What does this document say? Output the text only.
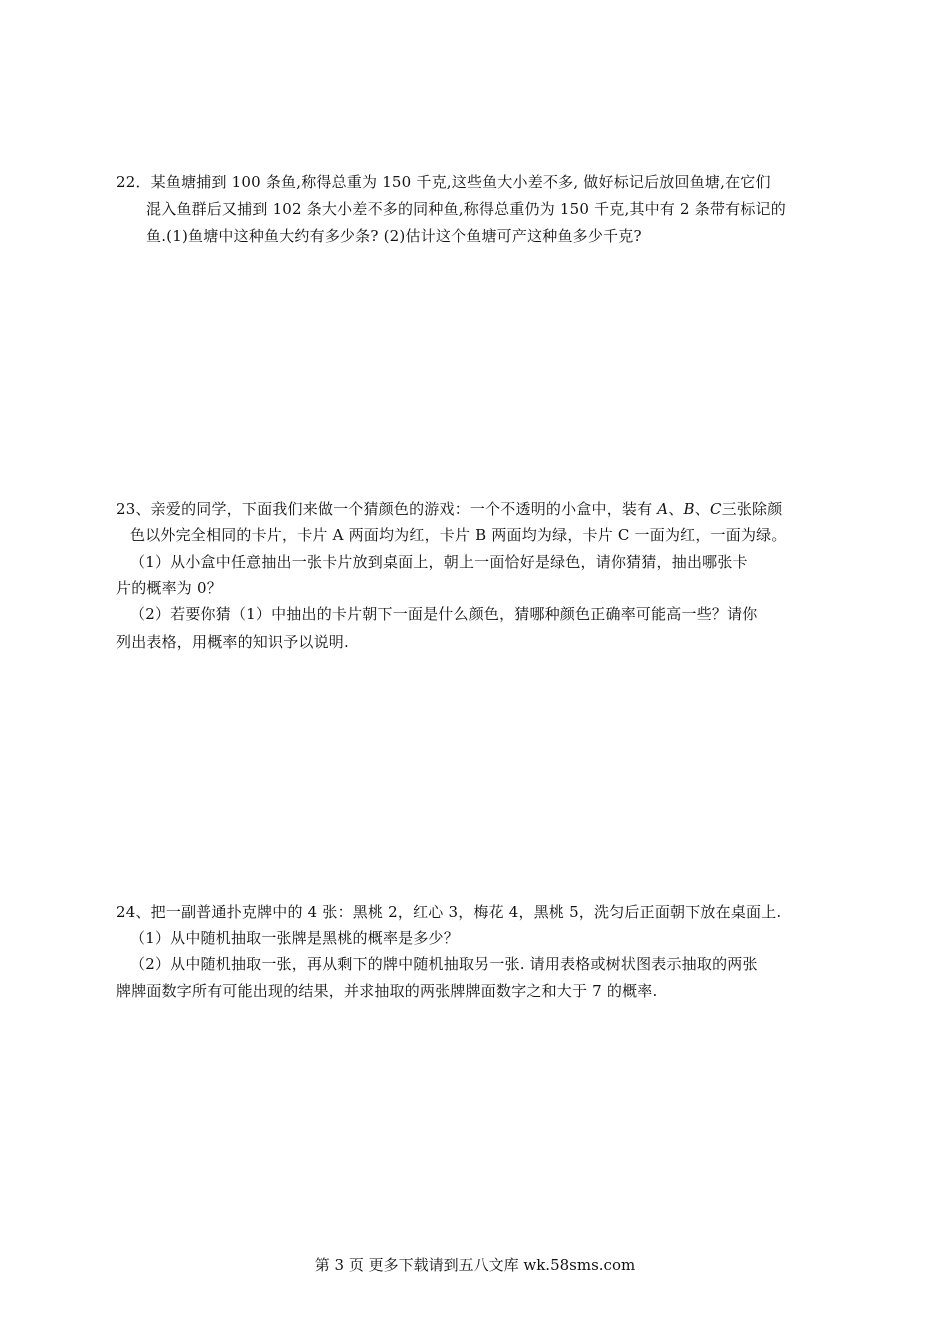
22．某鱼塘捕到 100 条鱼,称得总重为 150 千克,这些鱼大小差不多, 做好标记后放回鱼塘,在它们
混入鱼群后又捕到 102 条大小差不多的同种鱼,称得总重仍为 150 千克,其中有 2 条带有标记的
鱼.(1)鱼塘中这种鱼大约有多少条? (2)估计这个鱼塘可产这种鱼多少千克?
23、亲爱的同学，下面我们来做一个猜颜色的游戏：一个不透明的小盒中，装有 A、B、C三张除颜
色以外完全相同的卡片，卡片 A 两面均为红，卡片 B 两面均为绿，卡片 C 一面为红，一面为绿。
（1）从小盒中任意抽出一张卡片放到桌面上，朝上一面恰好是绿色，请你猜猜，抽出哪张卡
片的概率为 0？
（2）若要你猜（1）中抽出的卡片朝下一面是什么颜色，猜哪种颜色正确率可能高一些？请你
列出表格，用概率的知识予以说明.
24、把一副普通扑克牌中的 4 张：黑桃 2，红心 3，梅花 4，黑桃 5，洗匀后正面朝下放在桌面上.
（1）从中随机抽取一张牌是黑桃的概率是多少？
（2）从中随机抽取一张，再从剩下的牌中随机抽取另一张. 请用表格或树状图表示抽取的两张
牌牌面数字所有可能出现的结果，并求抽取的两张牌牌面数字之和大于 7 的概率.
第 3 页 更多下载请到五八文库 wk.58sms.com
